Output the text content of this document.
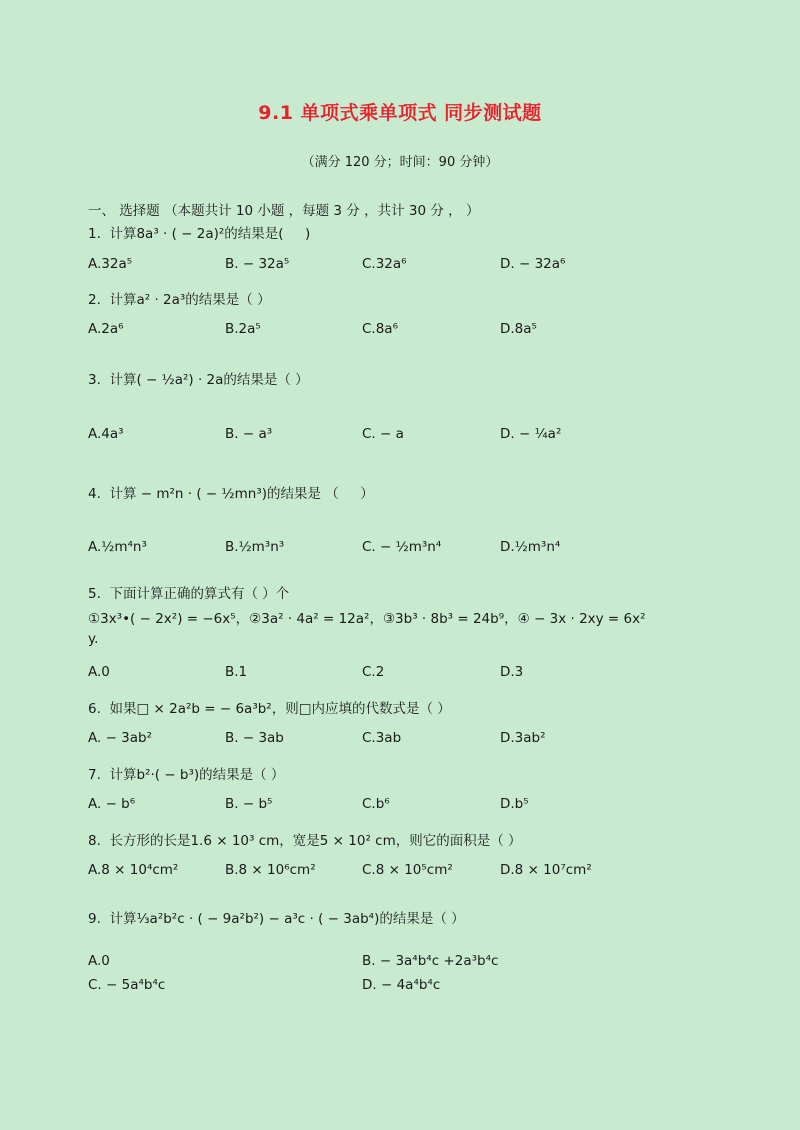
9.1 单项式乘单项式 同步测试题
（满分 120 分；时间：90 分钟）
一、 选择题 （本题共计 10 小题 ，每题 3 分 ，共计 30 分 ， ）
1.  计算8a³ · ( − 2a)²的结果是(     )
A.32a⁵	B. − 32a⁵	C.32a⁶	D. − 32a⁶
2.  计算a² · 2a³的结果是（ ）
A.2a⁶	B.2a⁵	C.8a⁶	D.8a⁵
3.  计算( − ½a²) · 2a的结果是（ ）
A.4a³	B. − a³	C. − a	D. − ¼a²
4.  计算 − m²n · ( − ½mn³)的结果是 （     ）
A.½m⁴n³	B.½m³n³	C. − ½m³n⁴	D.½m³n⁴
5.  下面计算正确的算式有（ ）个
①3x³•( − 2x²) = −6x⁵，②3a² · 4a² = 12a²，③3b³ · 8b³ = 24b⁹，④ − 3x · 2xy = 6x²
y.
A.0	B.1	C.2	D.3
6.  如果□ × 2a²b = − 6a³b²，则□内应填的代数式是（ ）
A. − 3ab²	B. − 3ab	C.3ab	D.3ab²
7.  计算b²·( − b³)的结果是（ ）
A. − b⁶	B. − b⁵	C.b⁶	D.b⁵
8.  长方形的长是1.6 × 10³ cm，宽是5 × 10² cm，则它的面积是（ ）
A.8 × 10⁴cm²	B.8 × 10⁶cm²	C.8 × 10⁵cm²	D.8 × 10⁷cm²
9.  计算⅓a²b²c · ( − 9a²b²) − a³c · ( − 3ab⁴)的结果是（ ）
A.0	B. − 3a⁴b⁴c +2a³b⁴c
C. − 5a⁴b⁴c	D. − 4a⁴b⁴c
